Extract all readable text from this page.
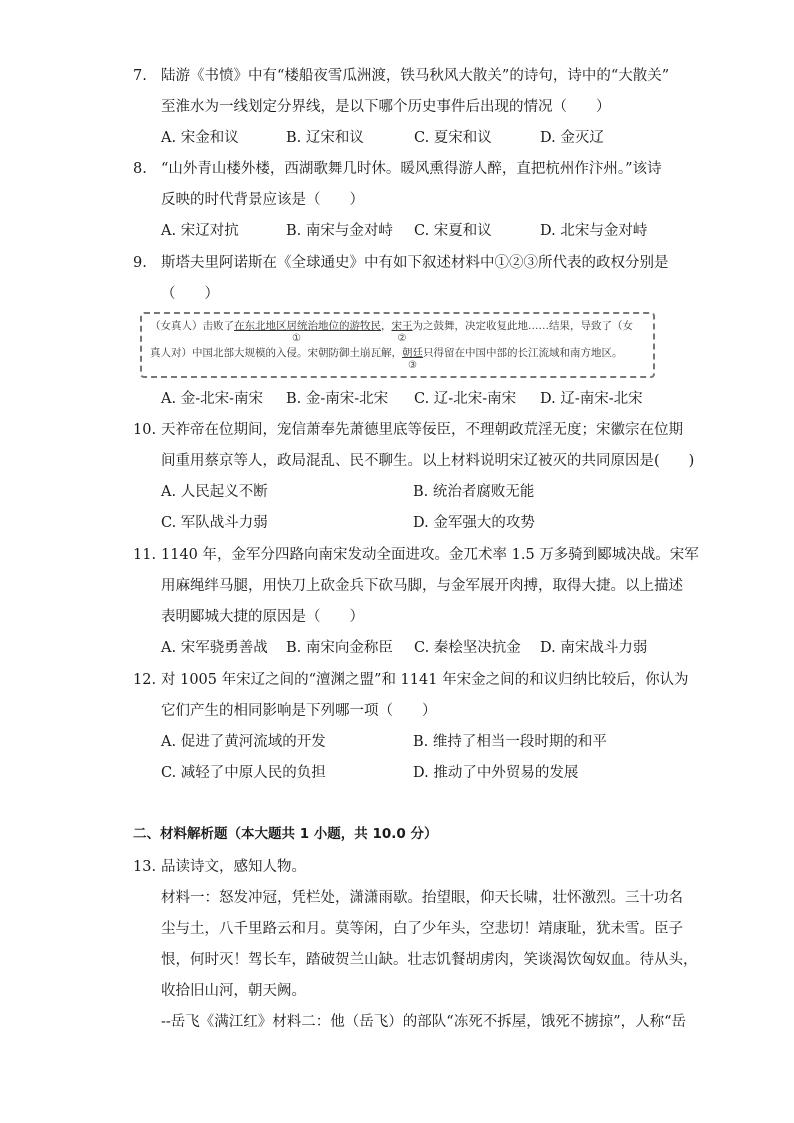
7. 陆游《书愤》中有“楼船夜雪瓜洲渡，铁马秋风大散关”的诗句，诗中的“大散关”
至淮水为一线划定分界线，是以下哪个历史事件后出现的情况（　　）
A. 宋金和议	B. 辽宋和议	C. 夏宋和议	D. 金灭辽
8. “山外青山楼外楼，西湖歌舞几时休。暖风熏得游人醉，直把杭州作汴州。”该诗
反映的时代背景应该是（　　）
A. 宋辽对抗	B. 南宋与金对峙	C. 宋夏和议	D. 北宋与金对峙
9. 斯塔夫里阿诺斯在《全球通史》中有如下叙述材料中①②③所代表的政权分别是
（　　）
（女真人）击败了在东北地区居统治地位的游牧民
①
，宋王
②
为之鼓舞，决定收复此地……结果，导致了（女
真人对）中国北部大规模的入侵。宋朝防御土崩瓦解，朝廷
③
只得留在中国中部的长江流域和南方地区。
A. 金-北宋-南宋	B. 金-南宋-北宋	C. 辽-北宋-南宋	D. 辽-南宋-北宋
10. 天祚帝在位期间，宠信萧奉先萧德里底等佞臣，不理朝政荒淫无度；宋徽宗在位期
间重用蔡京等人，政局混乱、民不聊生。以上材料说明宋辽被灭的共同原因是(　　)
A. 人民起义不断	B. 统治者腐败无能
C. 军队战斗力弱	D. 金军强大的攻势
11. 1140 年，金军分四路向南宋发动全面进攻。金兀术率 1.5 万多骑到郾城决战。宋军
用麻绳绊马腿，用快刀上砍金兵下砍马脚，与金军展开肉搏，取得大捷。以上描述
表明郾城大捷的原因是（　　）
A. 宋军骁勇善战	B. 南宋向金称臣	C. 秦桧坚决抗金	D. 南宋战斗力弱
12. 对 1005 年宋辽之间的“澶渊之盟”和 1141 年宋金之间的和议归纳比较后，你认为
它们产生的相同影响是下列哪一项（　　）
A. 促进了黄河流域的开发	B. 维持了相当一段时期的和平
C. 减轻了中原人民的负担	D. 推动了中外贸易的发展
二、材料解析题（本大题共 1 小题，共 10.0 分）
13. 品读诗文，感知人物。
材料一：怒发冲冠，凭栏处，潇潇雨歇。抬望眼，仰天长啸，壮怀激烈。三十功名
尘与土，八千里路云和月。莫等闲，白了少年头，空悲切！靖康耻，犹未雪。臣子
恨，何时灭！驾长车，踏破贺兰山缺。壮志饥餐胡虏肉，笑谈渴饮匈奴血。待从头，
收拾旧山河，朝天阙。
--岳飞《满江红》材料二：他（岳飞）的部队“冻死不拆屋，饿死不掳掠”，人称“岳
